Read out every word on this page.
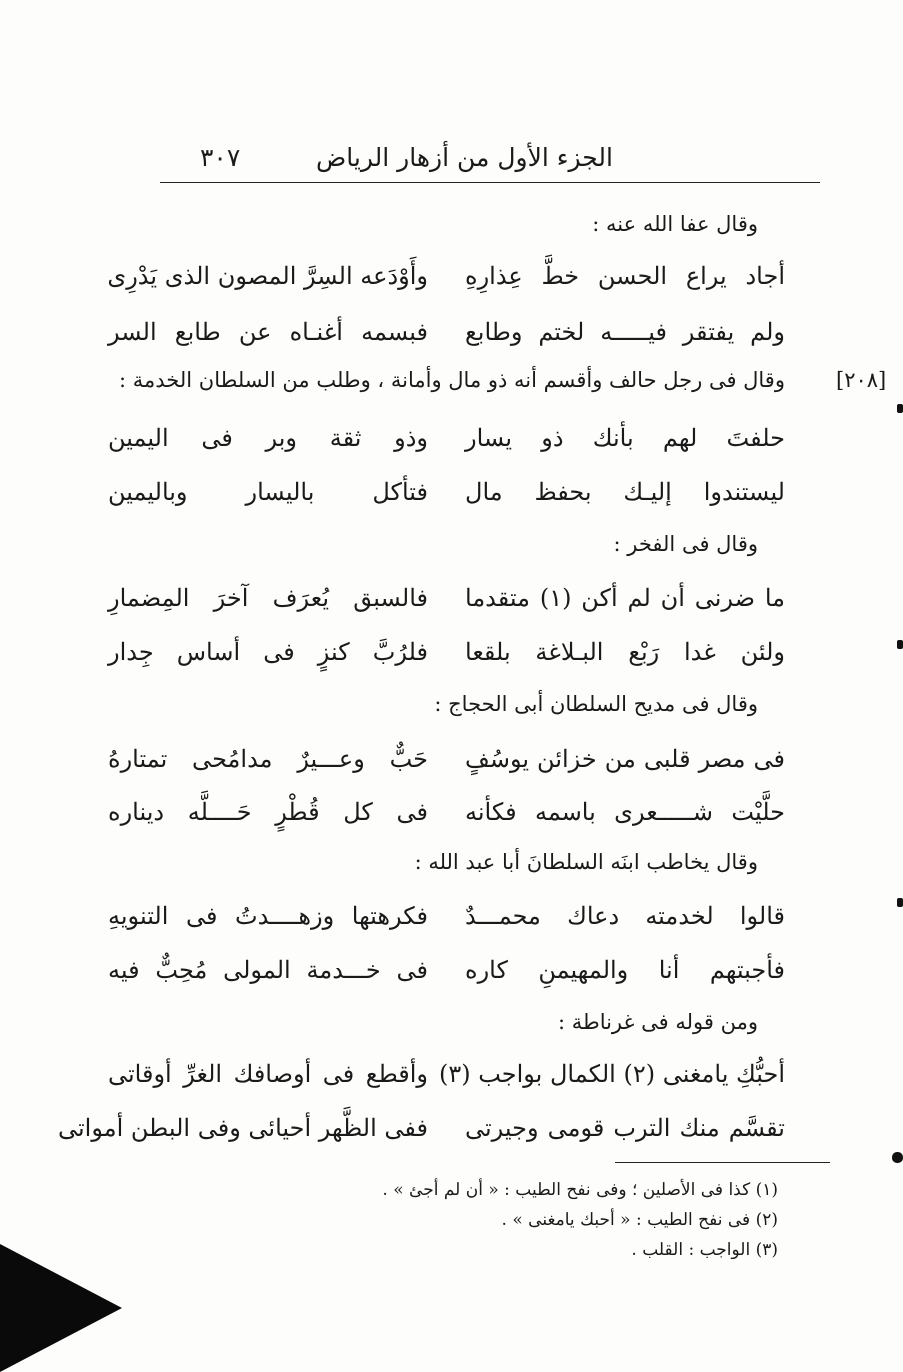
الجزء الأول من أزهار الرياض
٣٠٧
[٢٠٨]
وقال عفا الله عنه :
أجاد يراع الحسن خطَّ عِذارِهِ
وأَوْدَعه السِرَّ المصون الذى يَدْرِى
ولم يفتقر فيـــــه لختم وطابع
فبسمه أغنـاه عن طابع السر
وقال فى رجل حالف وأقسم أنه ذو مال وأمانة ، وطلب من السلطان الخدمة :
حلفتَ لهم بأنك ذو يسار
وذو ثقة وبر فى اليمين
ليستندوا إليـك بحفظ مال
فتأكل باليسار وباليمين
وقال فى الفخر :
ما ضرنى أن لم أكن (١) متقدما
فالسبق يُعرَف آخرَ المِضمارِ
ولئن غدا رَبْع البـلاغة بلقعا
فلرُبَّ كنزٍ فى أساس جِدار
وقال فى مديح السلطان أبى الحجاج :
فى مصر قلبى من خزائن يوسُفٍ
حَبٌّ وعـــيرٌ مدامُحى تمتارهُ
حلَّيْت شـــــعرى باسمه فكأنه
فى كل قُطْرٍ حَــــلَّه ديناره
وقال يخاطب ابنَه السلطانَ أبا عبد الله :
قالوا لخدمته دعاك محمـــدٌ
فكرهتها وزهــــدتُ فى التنويهِ
فأجبتهم أنا والمهيمنِ كاره
فى خـــدمة المولى مُحِبٌّ فيه
ومن قوله فى غرناطة :
أحبُّكِ يامغنى (٢) الكمال بواجب (٣)
وأقطع فى أوصافك الغرِّ أوقاتى
تقسَّم منك الترب قومى وجيرتى
ففى الظَّهر أحيائى وفى البطن أمواتى
(١) كذا فى الأصلين ؛ وفى نفح الطيب : « أن لم أجئ » .
(٢) فى نفح الطيب : « أحبك يامغنى » .
(٣) الواجب : القلب .
